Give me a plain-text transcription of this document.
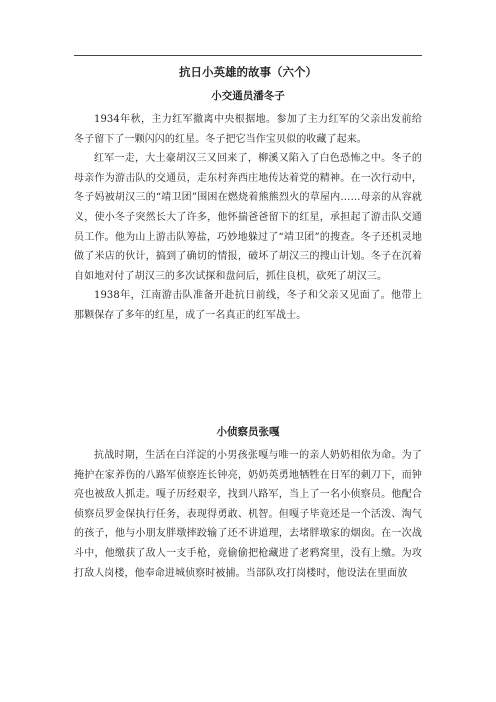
抗日小英雄的故事（六个）
小交通员潘冬子

1934年秋，主力红军撤离中央根据地。参加了主力红军的父亲出发前给冬子留下了一颗闪闪的红星。冬子把它当作宝贝似的收藏了起来。

红军一走，大土豪胡汉三又回来了，柳溪又陷入了白色恐怖之中。冬子的母亲作为游击队的交通员，走东村奔西庄地传达着党的精神。在一次行动中，冬子妈被胡汉三的“靖卫团”围困在燃烧着熊熊烈火的草屋内……母亲的从容就义，使小冬子突然长大了许多，他怀揣爸爸留下的红星，承担起了游击队交通员工作。他为山上游击队筹盐，巧妙地躲过了“靖卫团”的搜查。冬子还机灵地做了米店的伙计，搞到了确切的情报，破坏了胡汉三的搜山计划。冬子在沉着自如地对付了胡汉三的多次试探和盘问后，抓住良机，砍死了胡汉三。

1938年，江南游击队准备开赴抗日前线，冬子和父亲又见面了。他带上那颗保存了多年的红星，成了一名真正的红军战士。

小侦察员张嘎

抗战时期，生活在白洋淀的小男孩张嘎与唯一的亲人奶奶相依为命。为了掩护在家养伤的八路军侦察连长钟亮，奶奶英勇地牺牲在日军的刺刀下，而钟亮也被敌人抓走。嘎子历经艰辛，找到八路军，当上了一名小侦察员。他配合侦察员罗金保执行任务，表现得勇敢、机智。但嘎子毕竟还是一个活泼、淘气的孩子，他与小朋友胖墩摔跤输了还不讲道理，去堵胖墩家的烟囱。在一次战斗中，他缴获了敌人一支手枪，竟偷偷把枪藏进了老鸦窝里，没有上缴。为攻打敌人岗楼，他奉命进城侦察时被捕。当部队攻打岗楼时，他设法在里面放
